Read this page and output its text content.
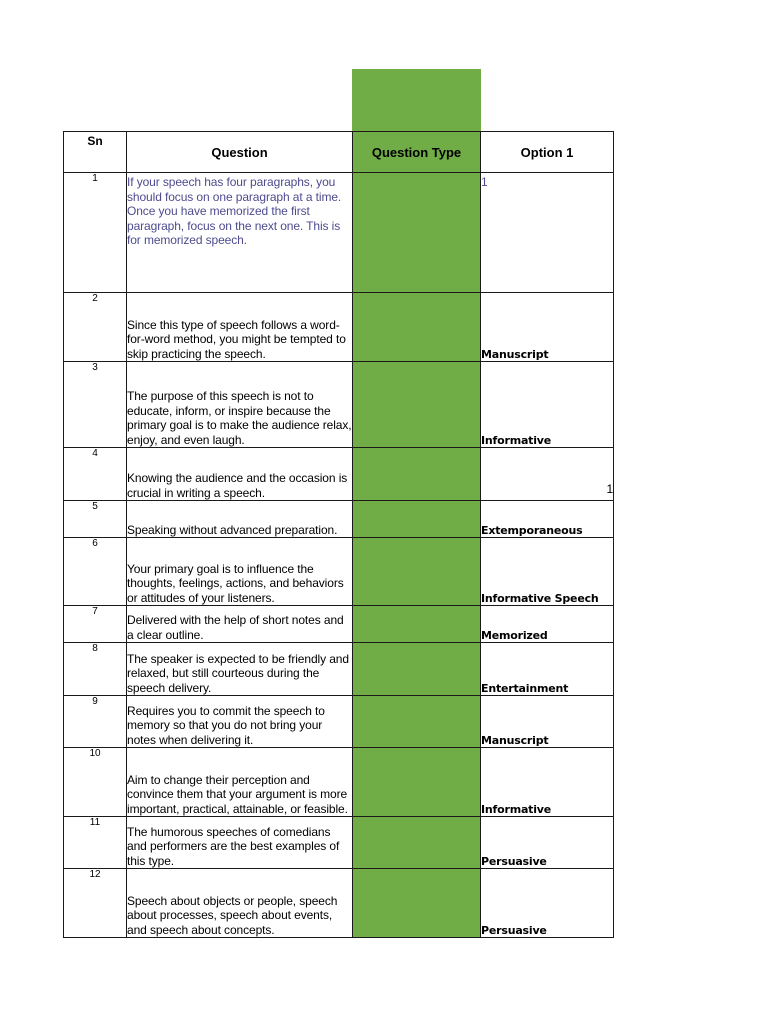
Sn	Question	Question Type	Option 1
1	If your speech has four paragraphs, you should focus on one paragraph at a time. Once you have memorized the first paragraph, focus on the next one. This is for memorized speech.		1
2	Since this type of speech follows a word-for-word method, you might be tempted to skip practicing the speech.		Manuscript
3	The purpose of this speech is not to educate, inform, or inspire because the primary goal is to make the audience relax, enjoy, and even laugh.		Informative
4	Knowing the audience and the occasion is crucial in writing a speech.		1
5	Speaking without advanced preparation.		Extemporaneous
6	Your primary goal is to influence the thoughts, feelings, actions, and behaviors or attitudes of your listeners.		Informative Speech
7	Delivered with the help of short notes and a clear outline.		Memorized
8	The speaker is expected to be friendly and relaxed, but still courteous during the speech delivery.		Entertainment
9	Requires you to commit the speech to memory so that you do not bring your notes when delivering it.		Manuscript
10	Aim to change their perception and convince them that your argument is more important, practical, attainable, or feasible.		Informative
11	The humorous speeches of comedians and performers are the best examples of this type.		Persuasive
12	Speech about objects or people, speech about processes, speech about events, and speech about concepts.		Persuasive
